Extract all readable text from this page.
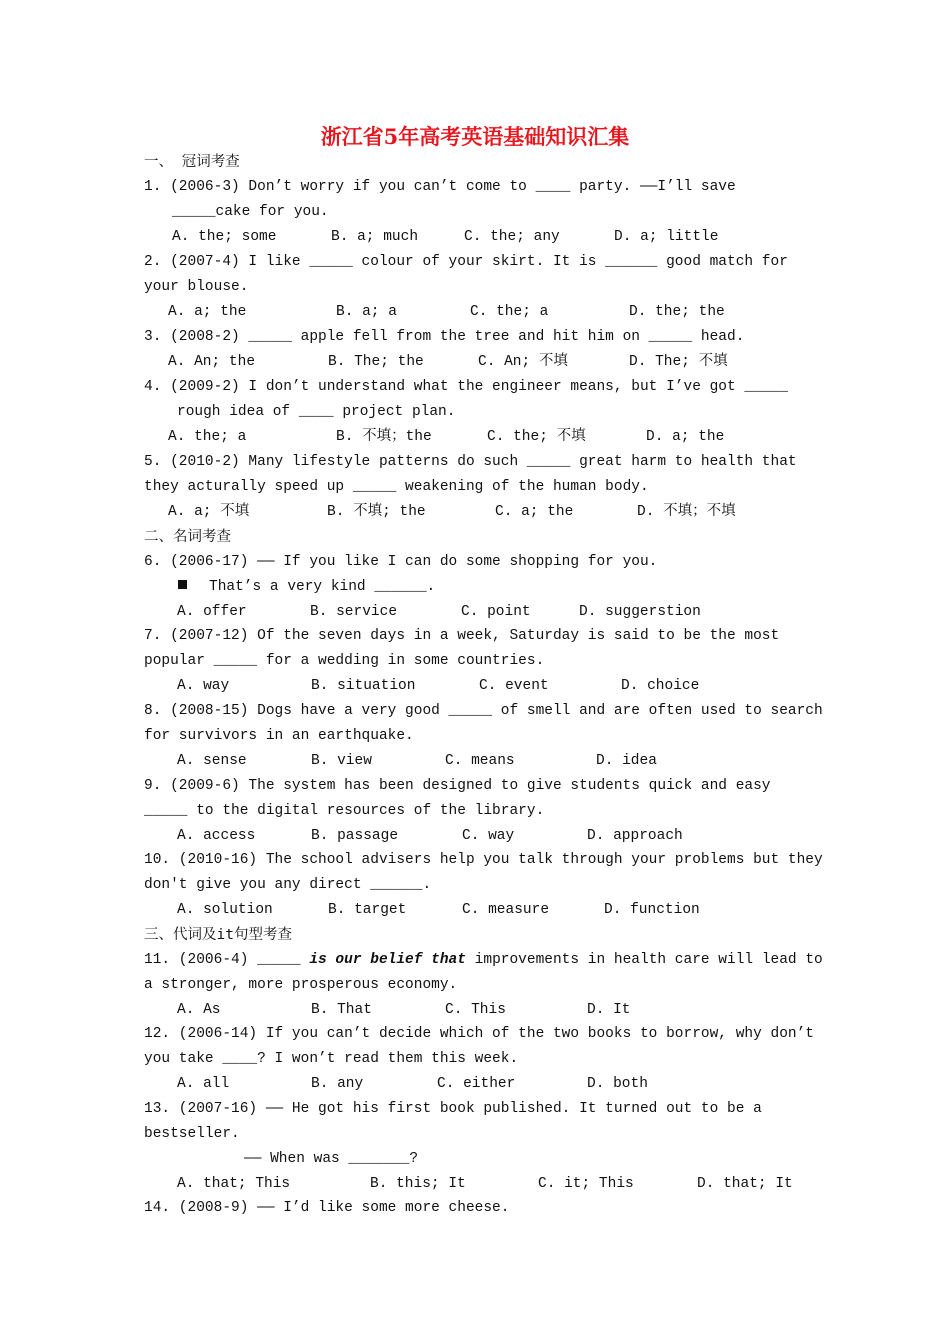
浙江省5年高考英语基础知识汇集
一、 冠词考查
1. (2006-3) Don’t worry if you can’t come to ____ party. ——I’ll save
_____cake for you.
A. the; some	B. a; much	C. the; any	D. a; little
2. (2007-4) I like _____ colour of your skirt. It is ______ good match for
your blouse.
A. a; the	B. a; a	C. the; a	D. the; the
3. (2008-2) _____ apple fell from the tree and hit him on _____ head.
A. An; the	B. The; the	C. An; 不填	D. The; 不填
4. (2009-2) I don’t understand what the engineer means, but I’ve got _____
rough idea of ____ project plan.
A. the; a	B. 不填；the	C. the; 不填	D. a; the
5. (2010-2) Many lifestyle patterns do such _____ great harm to health that
they acturally speed up _____ weakening of the human body.
A. a; 不填	B. 不填; the	C. a; the	D. 不填；不填
二、名词考查
6. (2006-17) —— If you like I can do some shopping for you.
That’s a very kind ______.
A. offer	B. service	C. point	D. suggerstion
7. (2007-12) Of the seven days in a week, Saturday is said to be the most
popular _____ for a wedding in some countries.
A. way	B. situation	C. event	D. choice
8. (2008-15) Dogs have a very good _____ of smell and are often used to search
for survivors in an earthquake.
A. sense	B. view	C. means	D. idea
9. (2009-6) The system has been designed to give students quick and easy
_____ to the digital resources of the library.
A. access	B. passage	C. way	D. approach
10. (2010-16) The school advisers help you talk through your problems but they
don't give you any direct ______.
A. solution	B. target	C. measure	D. function
三、代词及it句型考查
11. (2006-4) _____ is our belief that improvements in health care will lead to
a stronger, more prosperous economy.
A. As	B. That	C. This	D. It
12. (2006-14) If you can’t decide which of the two books to borrow, why don’t
you take ____? I won’t read them this week.
A. all	B. any	C. either	D. both
13. (2007-16) —— He got his first book published. It turned out to be a
bestseller.
—— When was _______?
A. that; This	B. this; It	C. it; This	D. that; It
14. (2008-9) —— I’d like some more cheese.
